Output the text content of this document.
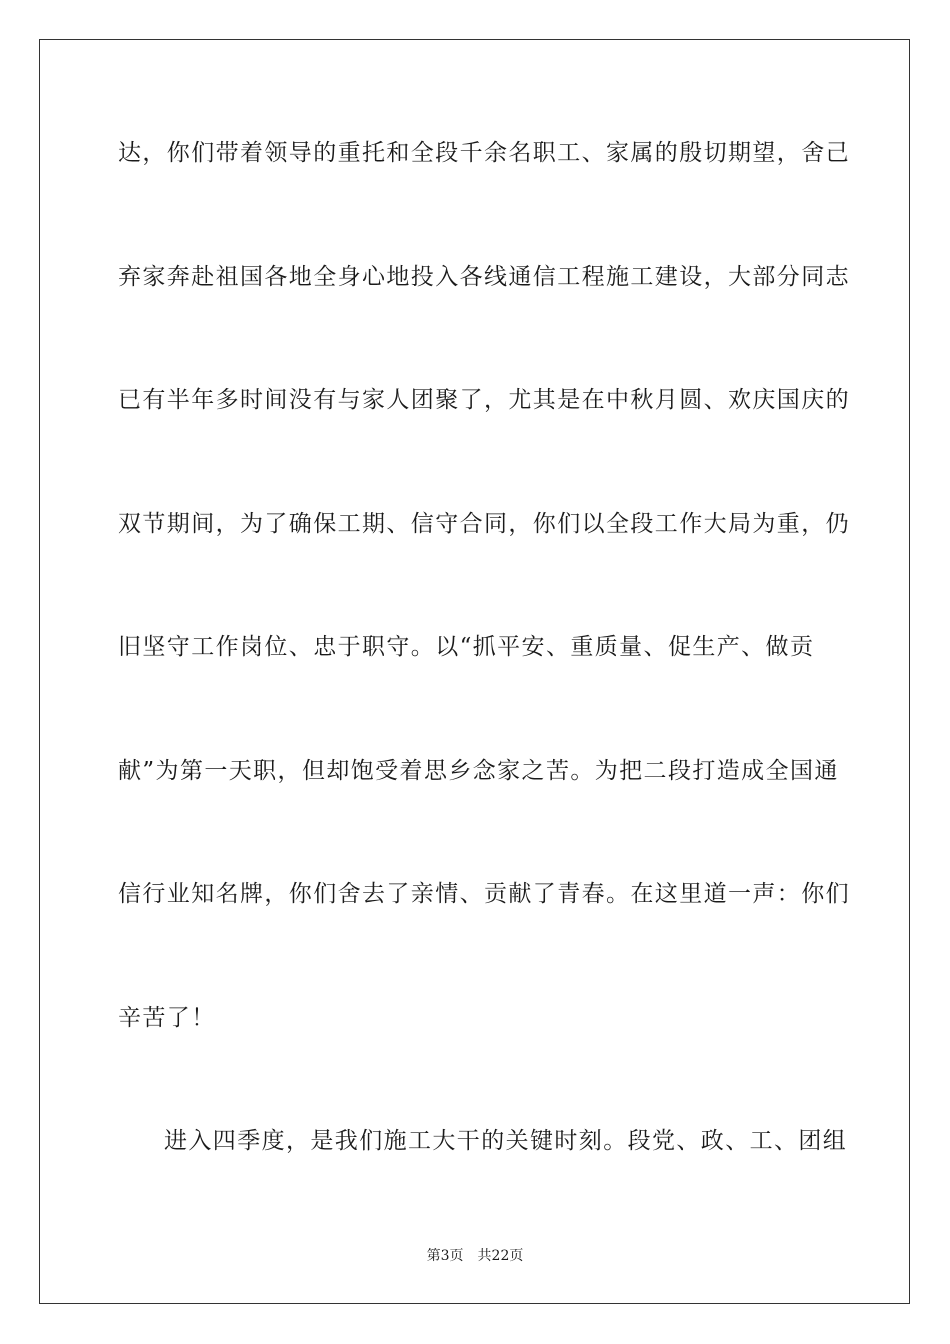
达，你们带着领导的重托和全段千余名职工、家属的殷切期望，舍己
弃家奔赴祖国各地全身心地投入各线通信工程施工建设，大部分同志
已有半年多时间没有与家人团聚了，尤其是在中秋月圆、欢庆国庆的
双节期间，为了确保工期、信守合同，你们以全段工作大局为重，仍
旧坚守工作岗位、忠于职守。以“抓平安、重质量、促生产、做贡
献”为第一天职，但却饱受着思乡念家之苦。为把二段打造成全国通
信行业知名牌，你们舍去了亲情、贡献了青春。在这里道一声：你们
辛苦了！
进入四季度，是我们施工大干的关键时刻。段党、政、工、团组
第3页 共22页
